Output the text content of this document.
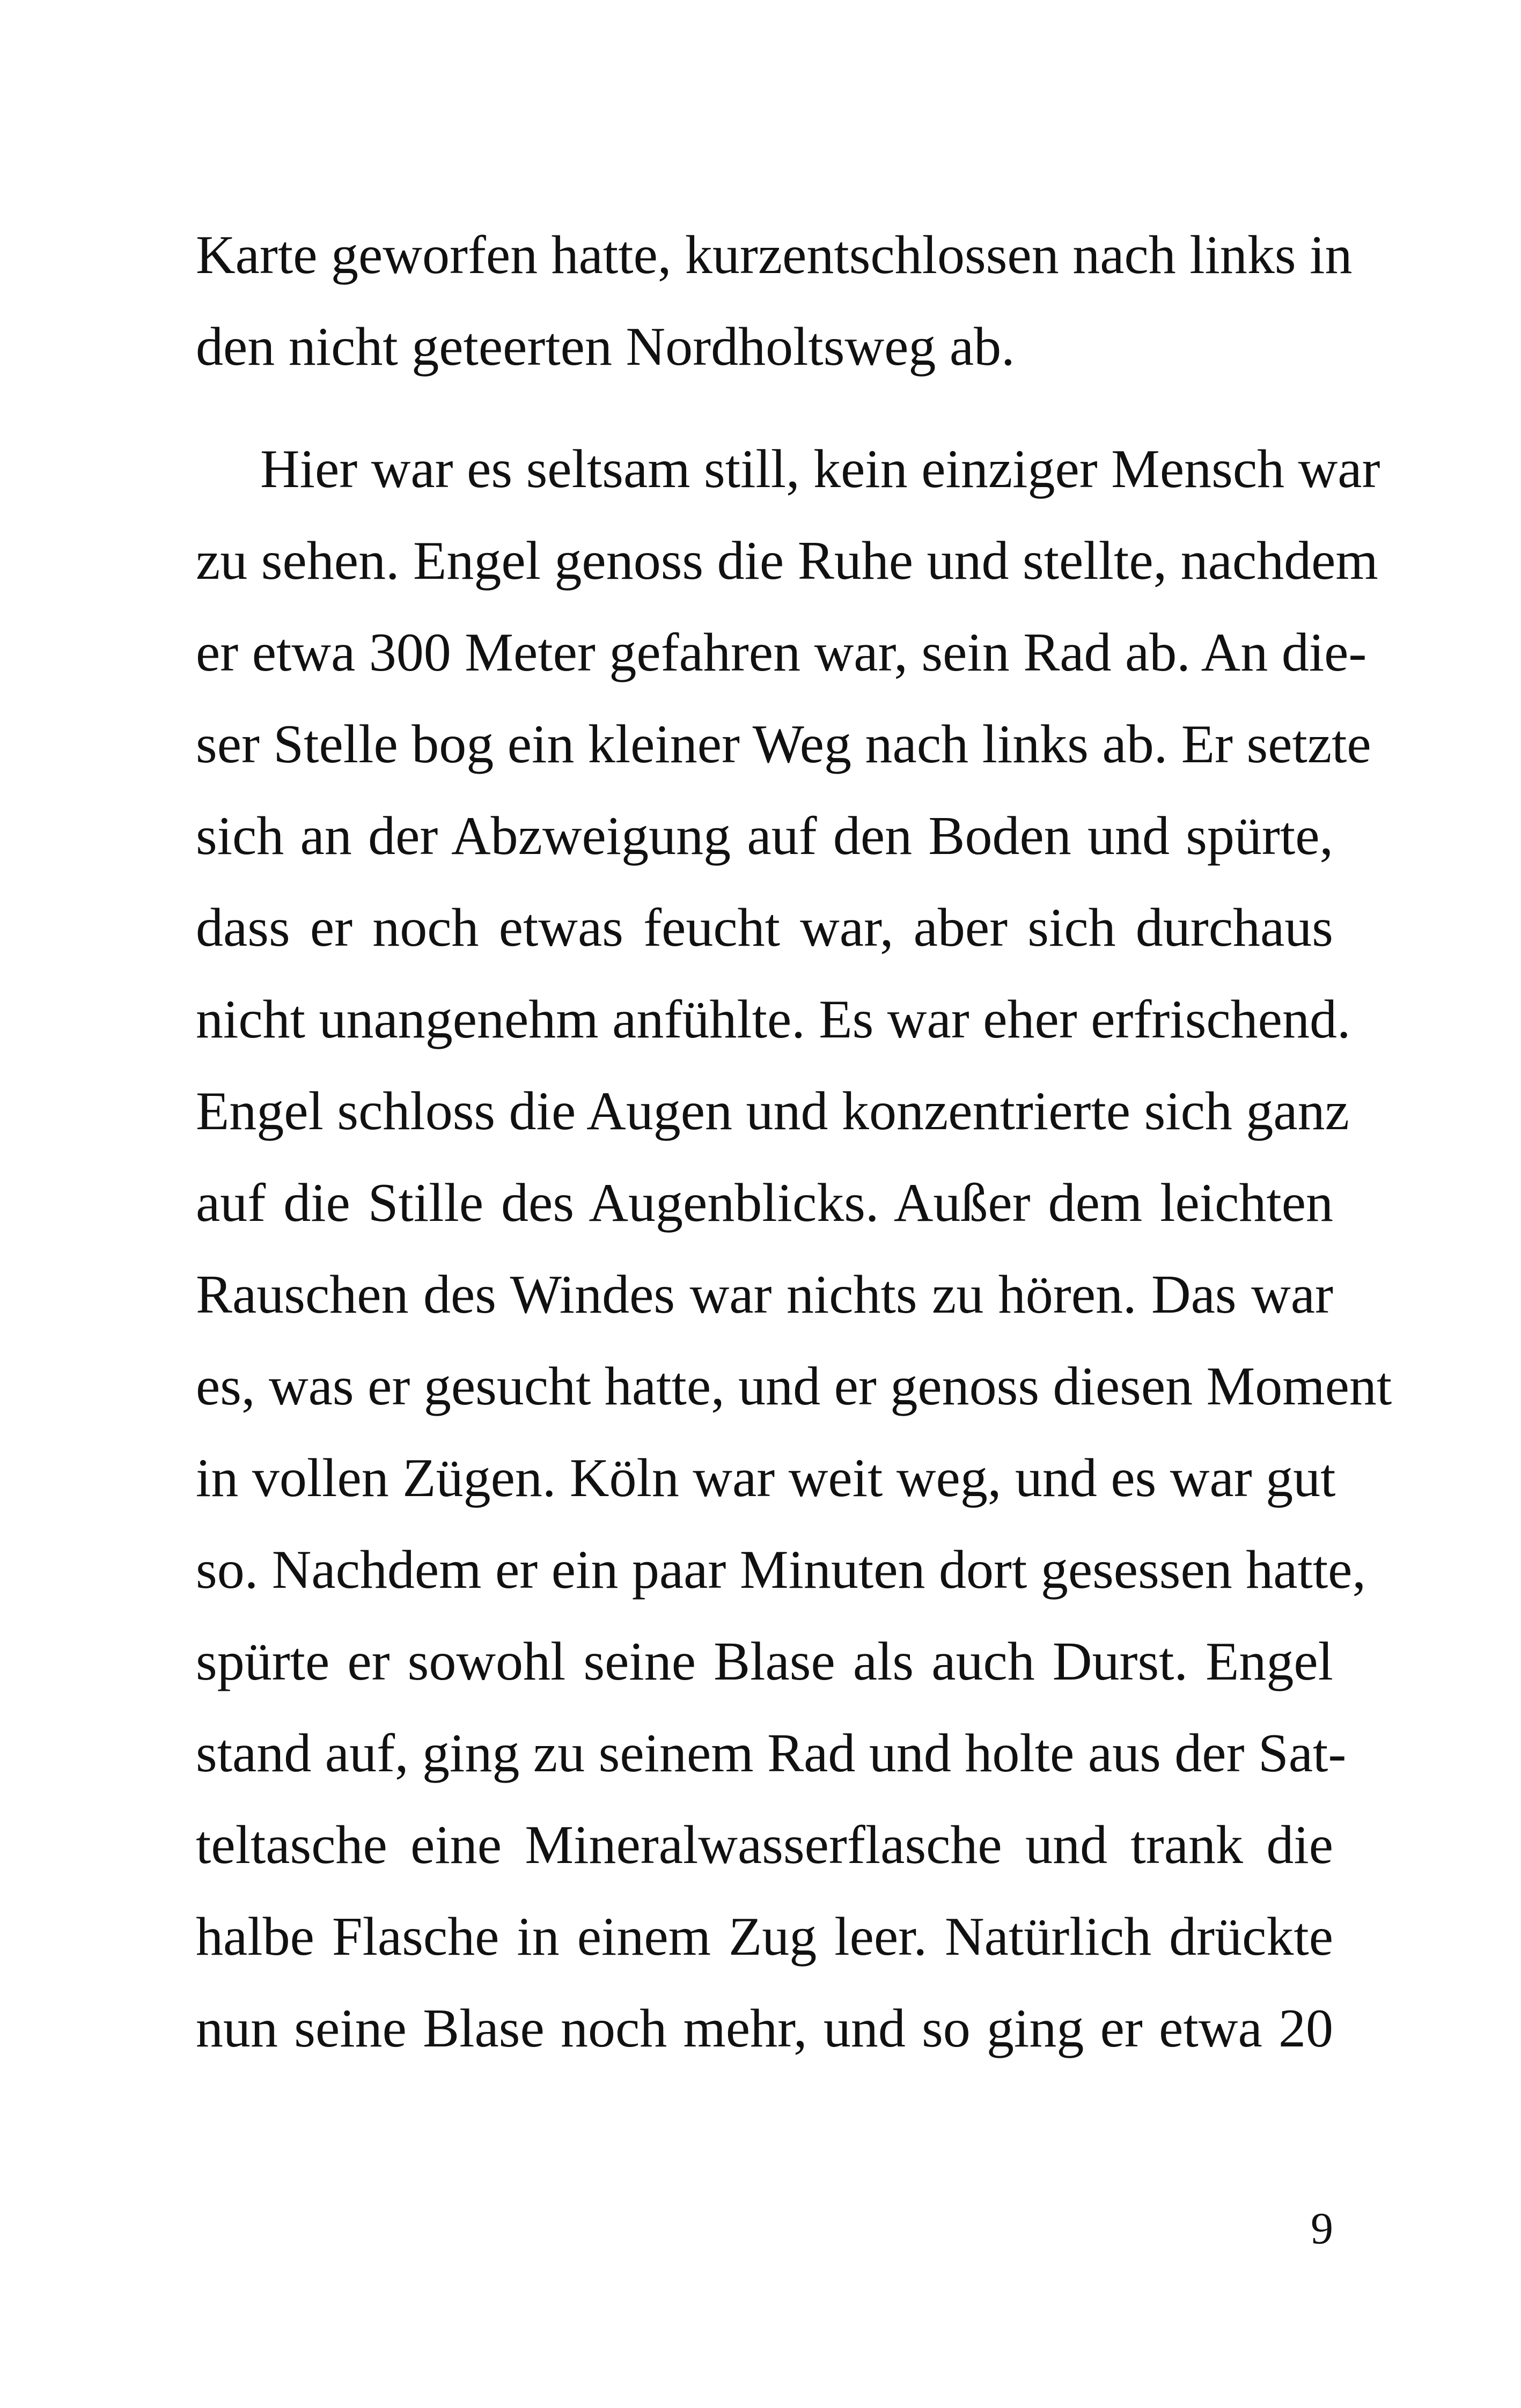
Karte geworfen hatte, kurzentschlossen nach links in
den nicht geteerten Nordholtsweg ab.
Hier war es seltsam still, kein einziger Mensch war
zu sehen. Engel genoss die Ruhe und stellte, nachdem
er etwa 300 Meter gefahren war, sein Rad ab. An die-
ser Stelle bog ein kleiner Weg nach links ab. Er setzte
sich an der Abzweigung auf den Boden und spürte,
dass er noch etwas feucht war, aber sich durchaus
nicht unangenehm anfühlte. Es war eher erfrischend.
Engel schloss die Augen und konzentrierte sich ganz
auf die Stille des Augenblicks. Außer dem leichten
Rauschen des Windes war nichts zu hören. Das war
es, was er gesucht hatte, und er genoss diesen Moment
in vollen Zügen. Köln war weit weg, und es war gut
so. Nachdem er ein paar Minuten dort gesessen hatte,
spürte er sowohl seine Blase als auch Durst. Engel
stand auf, ging zu seinem Rad und holte aus der Sat-
teltasche eine Mineralwasserflasche und trank die
halbe Flasche in einem Zug leer. Natürlich drückte
nun seine Blase noch mehr, und so ging er etwa 20
9
